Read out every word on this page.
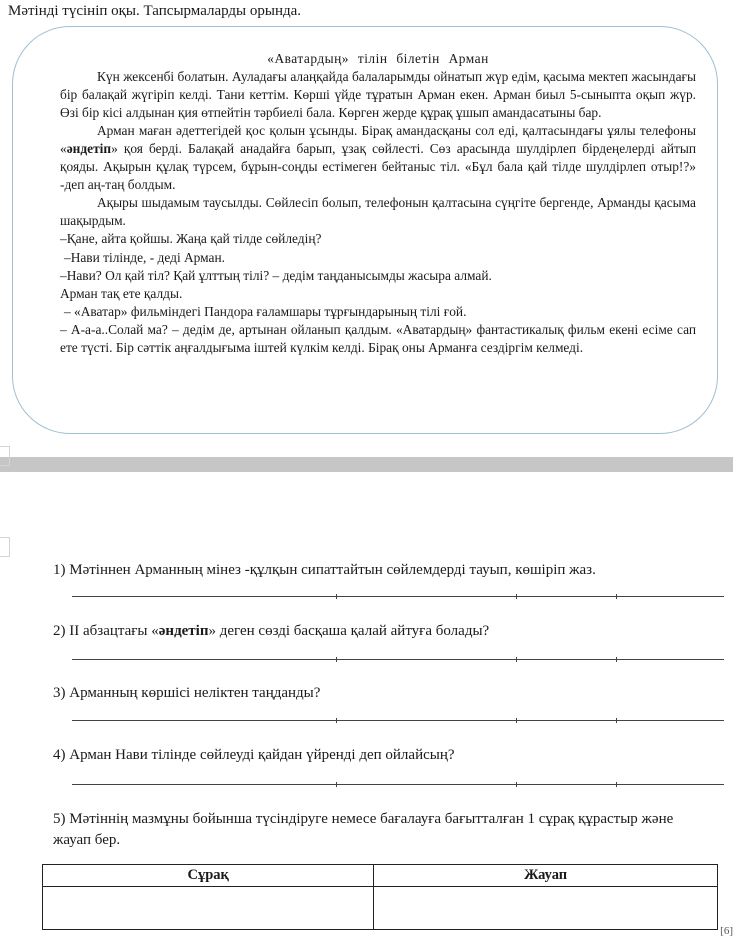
Мәтінді түсініп оқы. Тапсырмаларды орында.

«Аватардың» тілін білетін Арман

Күн жексенбі болатын. Ауладағы алаңқайда балаларымды ойнатып жүр едім, қасыма мектеп жасындағы бір балақай жүгіріп келді. Тани кеттім. Көрші үйде тұратын Арман екен. Арман биыл 5-сыныпта оқып жүр. Өзі бір кісі алдынан қия өтпейтін тәрбиелі бала. Көрген жерде құрақ ұшып амандасатыны бар.

Арман маған әдеттегідей қос қолын ұсынды. Бірақ амандасқаны сол еді, қалтасындағы ұялы телефоны «әндетіп» қоя берді. Балақай анадайға барып, ұзақ сөйлесті. Сөз арасында шулдірлеп бірдеңелерді айтып қояды. Ақырын құлақ түрсем, бұрын-соңды естімеген бейтаныс тіл. «Бұл бала қай тілде шулдірлеп отыр!?» -деп аң-таң болдым.

Ақыры шыдамым таусылды. Сөйлесіп болып, телефонын қалтасына сүңгіте бергенде, Арманды қасыма шақырдым.

–Қане, айта қойшы. Жаңа қай тілде сөйледің?

–Нави тілінде, - деді Арман.

–Нави? Ол қай тіл? Қай ұлттың тілі? – дедім таңданысымды жасыра алмай.

Арман тақ ете қалды.

– «Аватар» фильміндегі Пандора ғаламшары тұрғындарының тілі ғой.

– А-а-а..Солай ма? – дедім де, артынан ойланып қалдым. «Аватардың» фантастикалық фильм екені есіме сап ете түсті. Бір сәттік аңғалдығыма іштей күлкім келді. Бірақ оны Арманға сездіргім келмеді.

1) Мәтіннен Арманның мінез -құлқын сипаттайтын сөйлемдерді тауып, көшіріп жаз.
2) ІІ абзацтағы «әндетіп» деген сөзді басқаша қалай айтуға болады?
3) Арманның көршісі неліктен таңданды?
4) Арман Нави тілінде сөйлеуді қайдан үйренді деп ойлайсың?
5) Мәтіннің мазмұны бойынша түсіндіруге немесе бағалауға бағытталған 1 сұрақ құрастыр және жауап бер.
Сұрақ	Жауап

[6]
